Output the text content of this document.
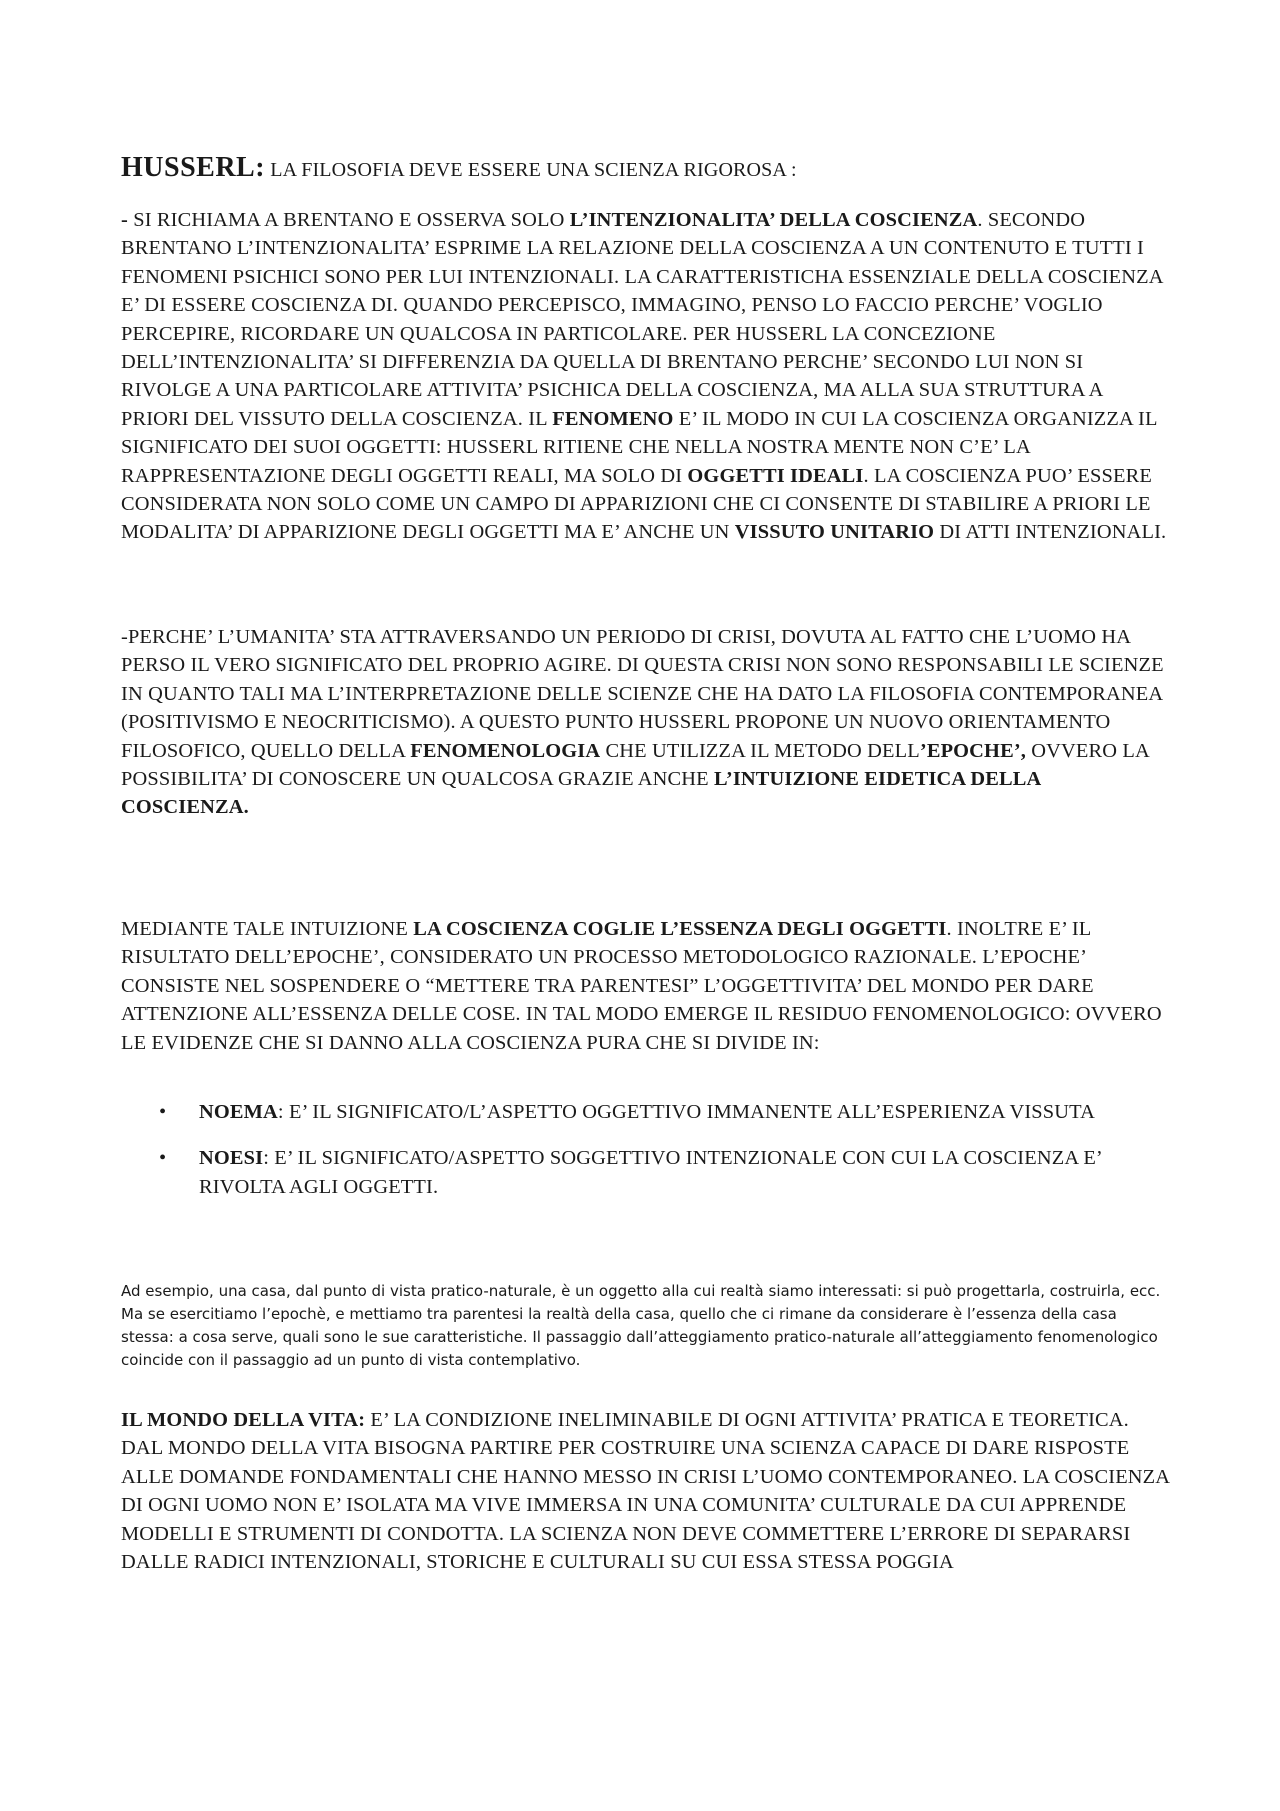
HUSSERL: LA FILOSOFIA DEVE ESSERE UNA SCIENZA RIGOROSA :

- SI RICHIAMA A BRENTANO E OSSERVA SOLO L’INTENZIONALITA’ DELLA COSCIENZA. SECONDO BRENTANO L’INTENZIONALITA’ ESPRIME LA RELAZIONE DELLA COSCIENZA A UN CONTENUTO E TUTTI I FENOMENI PSICHICI SONO PER LUI INTENZIONALI. LA CARATTERISTICHA ESSENZIALE DELLA COSCIENZA E’ DI ESSERE COSCIENZA DI. QUANDO PERCEPISCO, IMMAGINO, PENSO LO FACCIO PERCHE’ VOGLIO PERCEPIRE, RICORDARE UN QUALCOSA IN PARTICOLARE. PER HUSSERL LA CONCEZIONE DELL’INTENZIONALITA’ SI DIFFERENZIA DA QUELLA DI BRENTANO PERCHE’ SECONDO LUI NON SI RIVOLGE A UNA PARTICOLARE ATTIVITA’ PSICHICA DELLA COSCIENZA, MA ALLA SUA STRUTTURA A PRIORI DEL VISSUTO DELLA COSCIENZA. IL FENOMENO E’ IL MODO IN CUI LA COSCIENZA ORGANIZZA IL SIGNIFICATO DEI SUOI OGGETTI: HUSSERL RITIENE CHE NELLA NOSTRA MENTE NON C’E’ LA RAPPRESENTAZIONE DEGLI OGGETTI REALI, MA SOLO DI OGGETTI IDEALI. LA COSCIENZA PUO’ ESSERE CONSIDERATA NON SOLO COME UN CAMPO DI APPARIZIONI CHE CI CONSENTE DI STABILIRE A PRIORI LE MODALITA’ DI APPARIZIONE DEGLI OGGETTI MA E’ ANCHE UN VISSUTO UNITARIO DI ATTI INTENZIONALI.

-PERCHE’ L’UMANITA’ STA ATTRAVERSANDO UN PERIODO DI CRISI, DOVUTA AL FATTO CHE L’UOMO HA PERSO IL VERO SIGNIFICATO DEL PROPRIO AGIRE. DI QUESTA CRISI NON SONO RESPONSABILI LE SCIENZE IN QUANTO TALI MA L’INTERPRETAZIONE DELLE SCIENZE CHE HA DATO LA FILOSOFIA CONTEMPORANEA (POSITIVISMO E NEOCRITICISMO). A QUESTO PUNTO HUSSERL PROPONE UN NUOVO ORIENTAMENTO FILOSOFICO, QUELLO DELLA FENOMENOLOGIA CHE UTILIZZA IL METODO DELL’EPOCHE’, OVVERO LA POSSIBILITA’ DI CONOSCERE UN QUALCOSA GRAZIE ANCHE L’INTUIZIONE EIDETICA DELLA COSCIENZA.

MEDIANTE TALE INTUIZIONE LA COSCIENZA COGLIE L’ESSENZA DEGLI OGGETTI. INOLTRE E’ IL RISULTATO DELL’EPOCHE’, CONSIDERATO UN PROCESSO METODOLOGICO RAZIONALE. L’EPOCHE’ CONSISTE NEL SOSPENDERE O “METTERE TRA PARENTESI” L’OGGETTIVITA’ DEL MONDO PER DARE ATTENZIONE ALL’ESSENZA DELLE COSE. IN TAL MODO EMERGE IL RESIDUO FENOMENOLOGICO: OVVERO LE EVIDENZE CHE SI DANNO ALLA COSCIENZA PURA CHE SI DIVIDE IN:

• NOEMA: E’ IL SIGNIFICATO/L’ASPETTO OGGETTIVO IMMANENTE ALL’ESPERIENZA VISSUTA
• NOESI: E’ IL SIGNIFICATO/ASPETTO SOGGETTIVO INTENZIONALE CON CUI LA COSCIENZA E’ RIVOLTA AGLI OGGETTI.

Ad esempio, una casa, dal punto di vista pratico-naturale, è un oggetto alla cui realtà siamo interessati: si può progettarla, costruirla, ecc. Ma se esercitiamo l’epochè, e mettiamo tra parentesi la realtà della casa, quello che ci rimane da considerare è l’essenza della casa stessa: a cosa serve, quali sono le sue caratteristiche. Il passaggio dall’atteggiamento pratico-naturale all’atteggiamento fenomenologico coincide con il passaggio ad un punto di vista contemplativo.

IL MONDO DELLA VITA: E’ LA CONDIZIONE INELIMINABILE DI OGNI ATTIVITA’ PRATICA E TEORETICA. DAL MONDO DELLA VITA BISOGNA PARTIRE PER COSTRUIRE UNA SCIENZA CAPACE DI DARE RISPOSTE ALLE DOMANDE FONDAMENTALI CHE HANNO MESSO IN CRISI L’UOMO CONTEMPORANEO. LA COSCIENZA DI OGNI UOMO NON E’ ISOLATA MA VIVE IMMERSA IN UNA COMUNITA’ CULTURALE DA CUI APPRENDE MODELLI E STRUMENTI DI CONDOTTA. LA SCIENZA NON DEVE COMMETTERE L’ERRORE DI SEPARARSI DALLE RADICI INTENZIONALI, STORICHE E CULTURALI SU CUI ESSA STESSA POGGIA
